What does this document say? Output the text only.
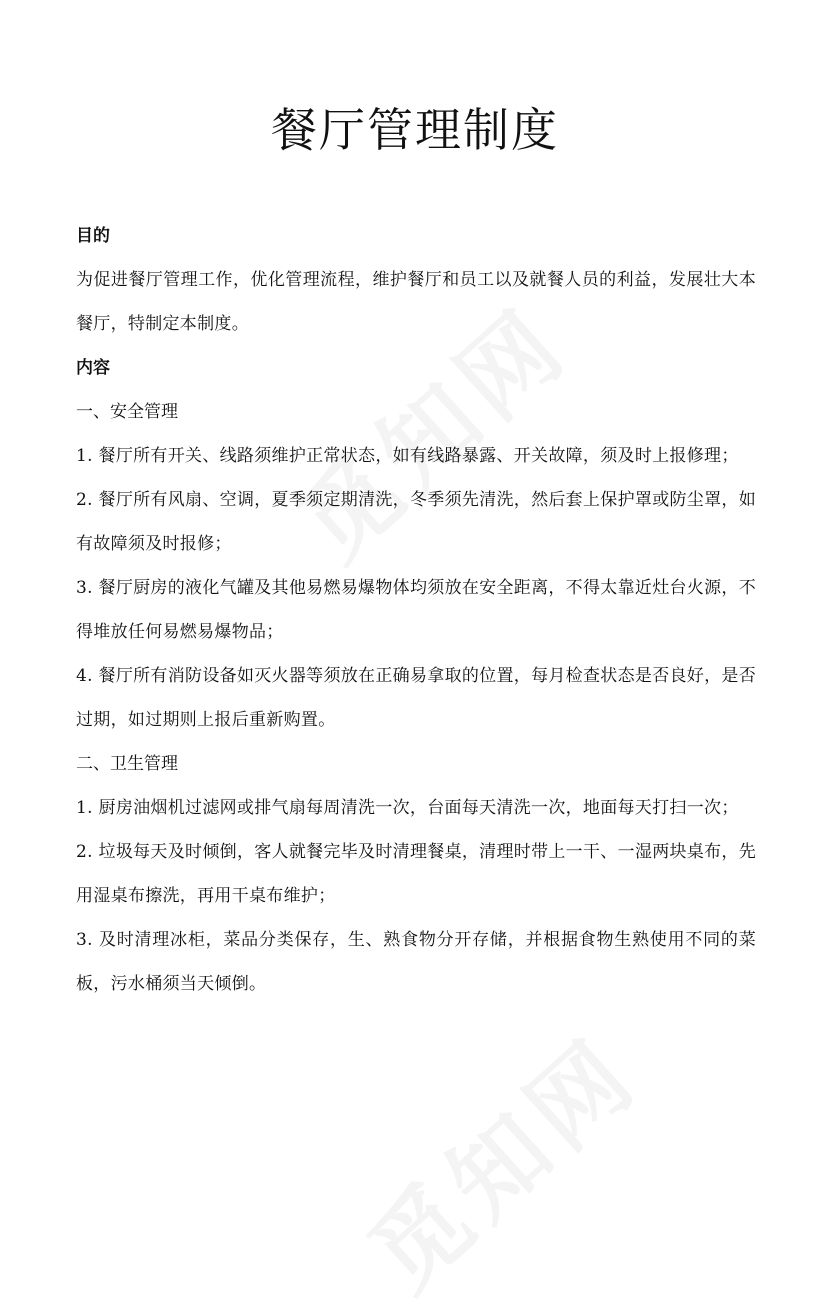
餐厅管理制度

目的

为促进餐厅管理工作，优化管理流程，维护餐厅和员工以及就餐人员的利益，发展壮大本餐厅，特制定本制度。

内容

一、安全管理

1. 餐厅所有开关、线路须维护正常状态，如有线路暴露、开关故障，须及时上报修理；

2. 餐厅所有风扇、空调，夏季须定期清洗，冬季须先清洗，然后套上保护罩或防尘罩，如有故障须及时报修；

3. 餐厅厨房的液化气罐及其他易燃易爆物体均须放在安全距离，不得太靠近灶台火源，不得堆放任何易燃易爆物品；

4. 餐厅所有消防设备如灭火器等须放在正确易拿取的位置，每月检查状态是否良好，是否过期，如过期则上报后重新购置。

二、卫生管理

1. 厨房油烟机过滤网或排气扇每周清洗一次，台面每天清洗一次，地面每天打扫一次；

2. 垃圾每天及时倾倒，客人就餐完毕及时清理餐桌，清理时带上一干、一湿两块桌布，先用湿桌布擦洗，再用干桌布维护；

3. 及时清理冰柜，菜品分类保存，生、熟食物分开存储，并根据食物生熟使用不同的菜板，污水桶须当天倾倒。
